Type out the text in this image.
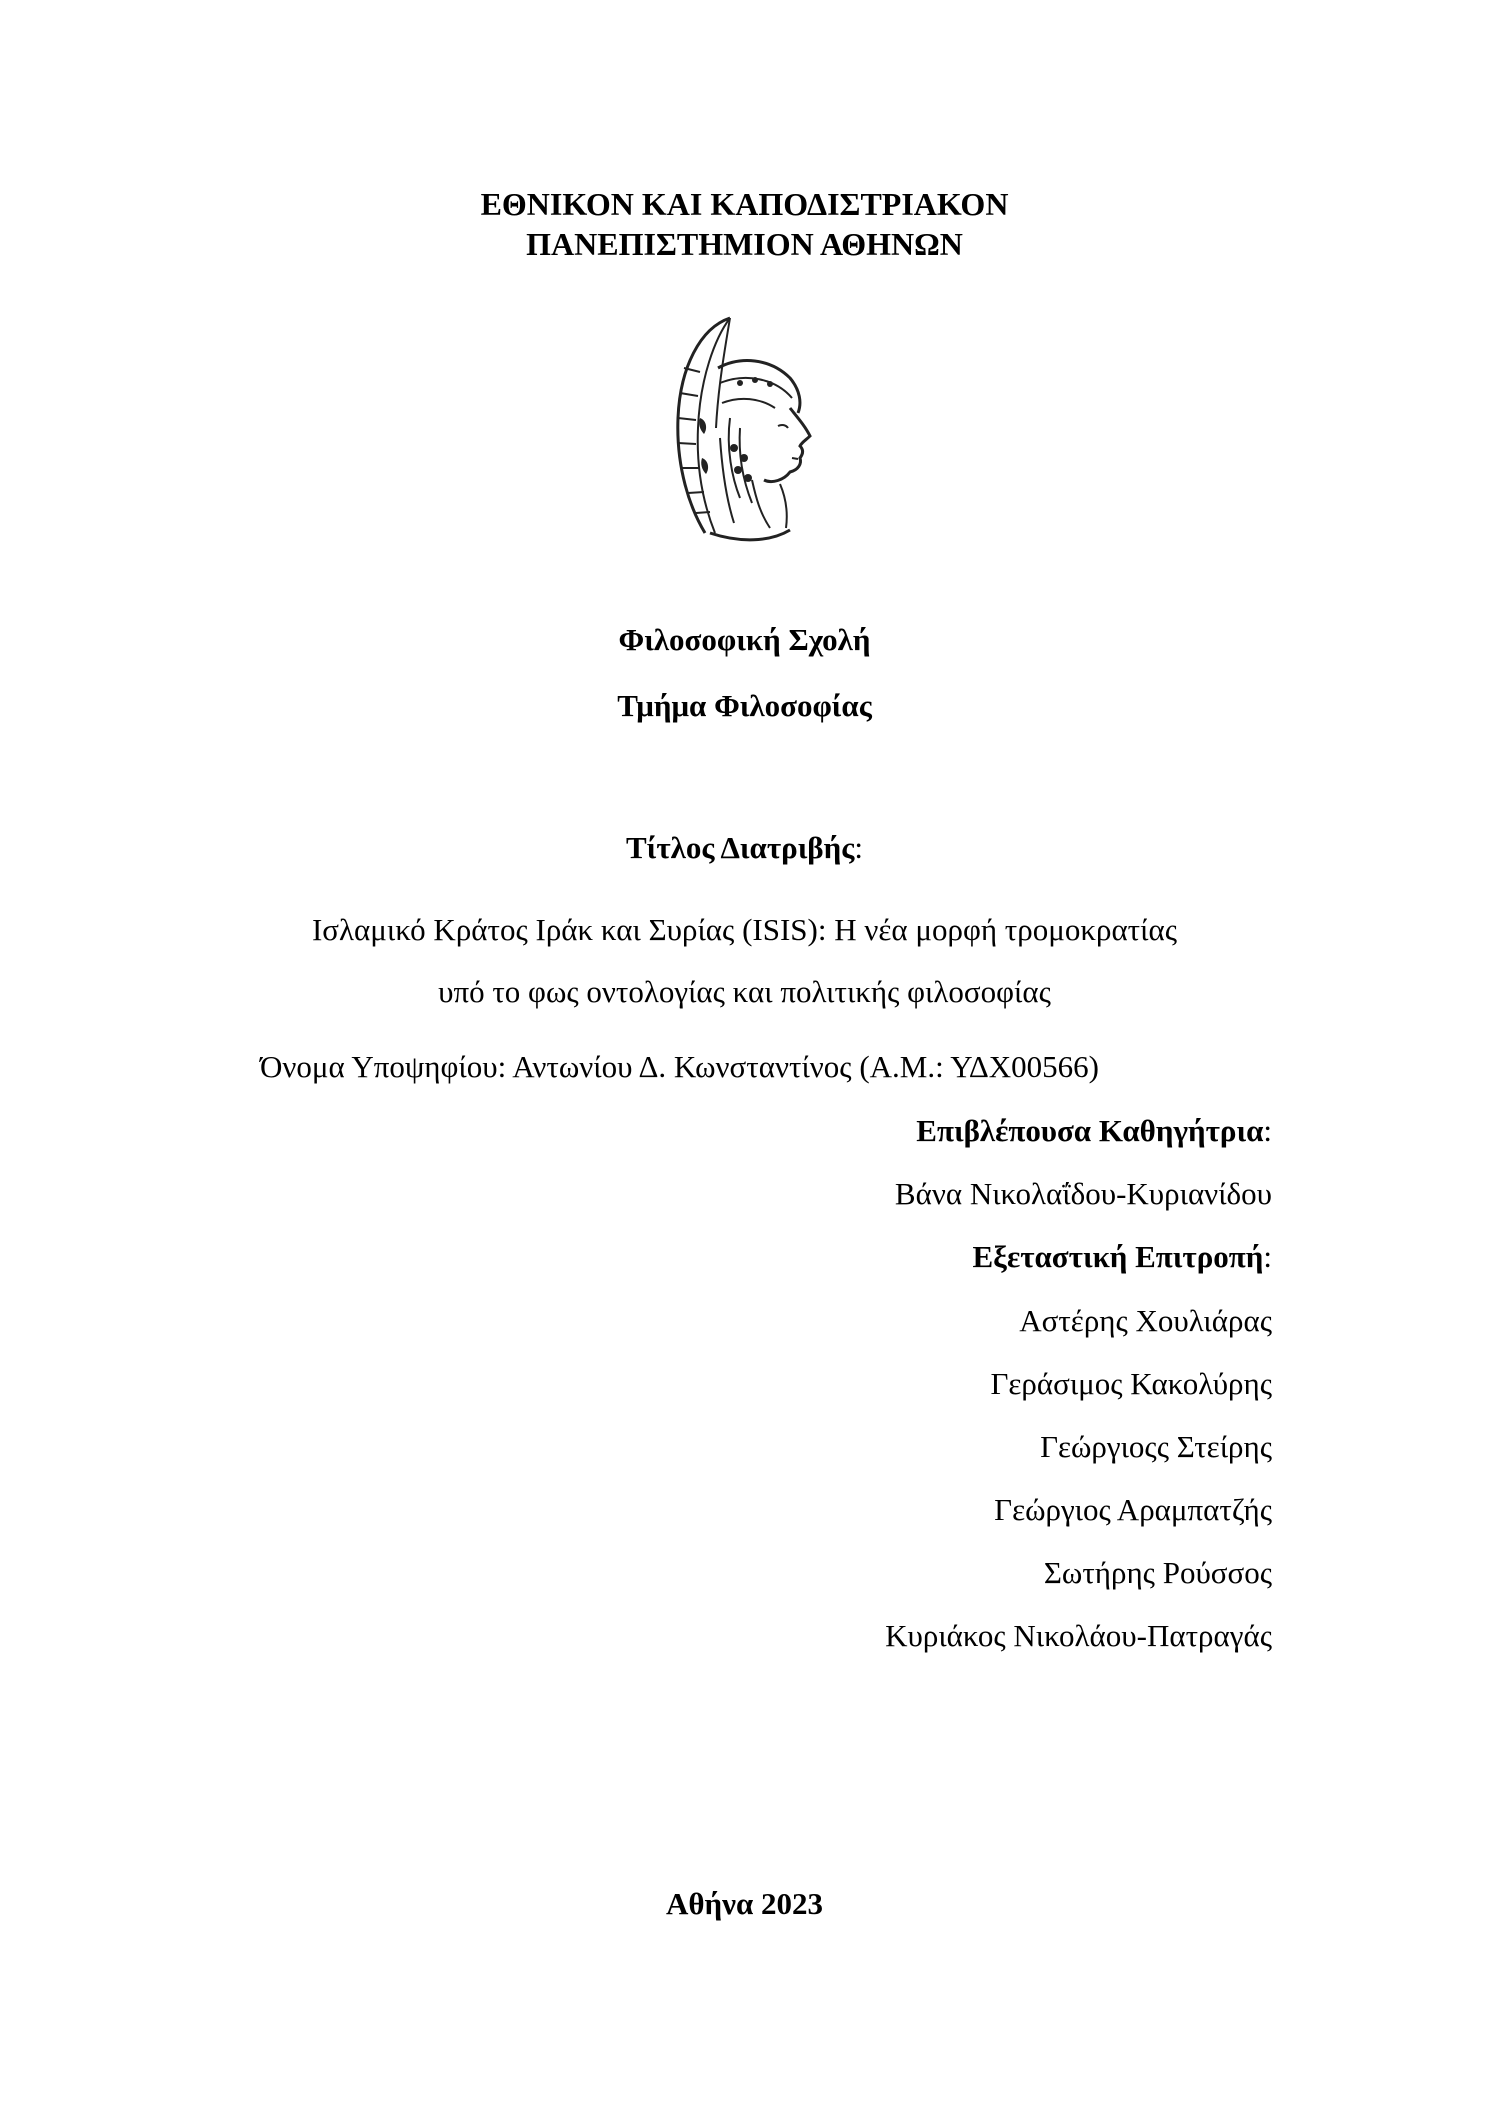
ΕΘΝΙΚΟΝ ΚΑΙ ΚΑΠΟΔΙΣΤΡΙΑΚΟΝ
ΠΑΝΕΠΙΣΤΗΜΙΟΝ ΑΘΗΝΩΝ
Φιλοσοφική Σχολή
Τμήμα Φιλοσοφίας
Τίτλος Διατριβής:
Ισλαμικό Κράτος Ιράκ και Συρίας (ISIS): Η νέα μορφή τρομοκρατίας
υπό το φως οντολογίας και πολιτικής φιλοσοφίας
Όνομα Υποψηφίου: Αντωνίου Δ. Κωνσταντίνος (Α.Μ.: ΥΔΧ00566)
Επιβλέπουσα Καθηγήτρια:
Βάνα Νικολαΐδου-Κυριανίδου
Εξεταστική Επιτροπή:
Αστέρης Χουλιάρας
Γεράσιμος Κακολύρης
Γεώργιοςς Στείρης
Γεώργιος Αραμπατζής
Σωτήρης Ρούσσος
Κυριάκος Νικολάου-Πατραγάς
Αθήνα 2023
